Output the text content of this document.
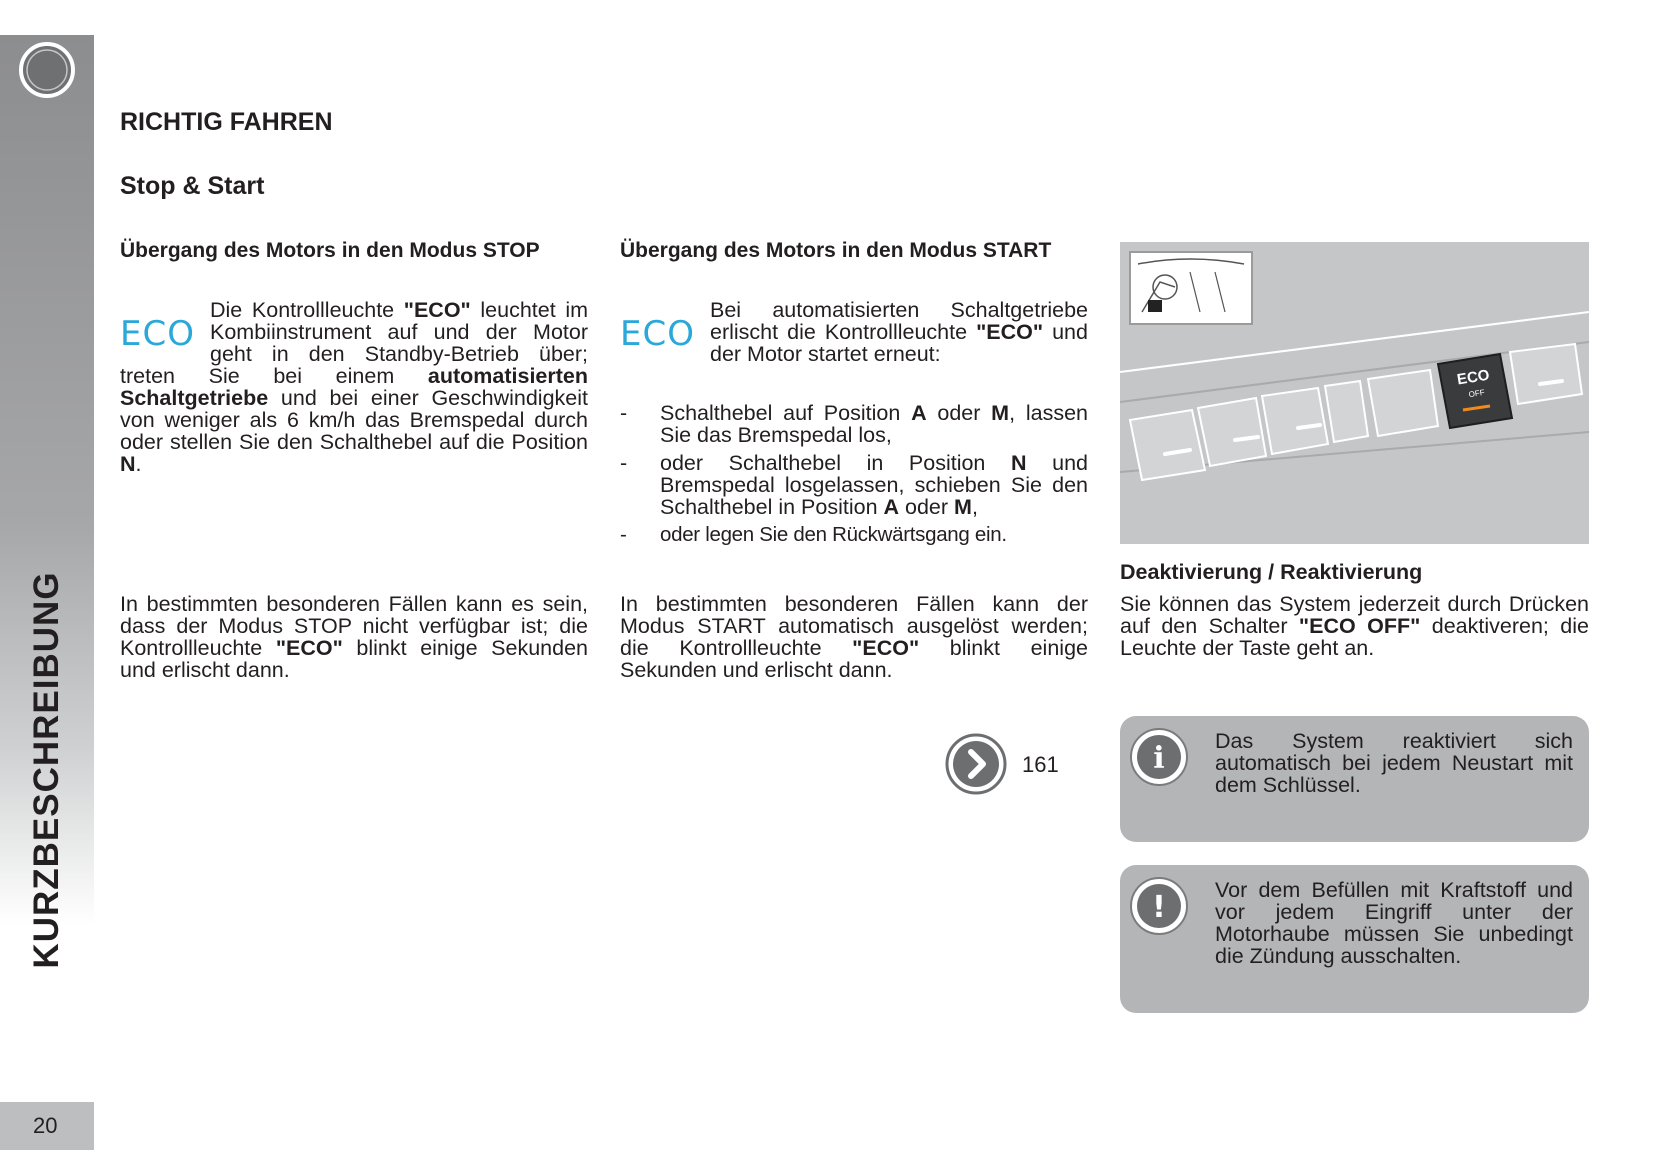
KURZBESCHREIBUNG
20
RICHTIG FAHREN
Stop & Start
Übergang des Motors in den Modus STOP
ECO
Die Kontrollleuchte "ECO" leuchtet im Kombiinstrument auf und der Motor geht in den Standby-Betrieb über; treten Sie bei einem automatisierten Schaltgetriebe und bei einer Geschwindigkeit von weniger als 6 km/h das Bremspedal durch oder stellen Sie den Schalthebel auf die Position N.
In bestimmten besonderen Fällen kann es sein, dass der Modus STOP nicht verfügbar ist; die Kontrollleuchte "ECO" blinkt einige Sekunden und erlischt dann.
Übergang des Motors in den Modus START
ECO
Bei automatisierten Schaltgetriebe erlischt die Kontrollleuchte "ECO" und der Motor startet erneut:
- Schalthebel auf Position A oder M, lassen Sie das Bremspedal los,
- oder Schalthebel in Position N und Bremspedal losgelassen, schieben Sie den Schalthebel in Position A oder M,
- oder legen Sie den Rückwärtsgang ein.
In bestimmten besonderen Fällen kann der Modus START automatisch ausgelöst werden; die Kontrollleuchte "ECO" blinkt einige Sekunden und erlischt dann.
161
ECO
OFF
Deaktivierung / Reaktivierung
Sie können das System jederzeit durch Drücken auf den Schalter "ECO OFF" deaktiveren; die Leuchte der Taste geht an.
i Das System reaktiviert sich automatisch bei jedem Neustart mit dem Schlüssel.
! Vor dem Befüllen mit Kraftstoff und vor jedem Eingriff unter der Motorhaube müssen Sie unbedingt die Zündung ausschalten.
